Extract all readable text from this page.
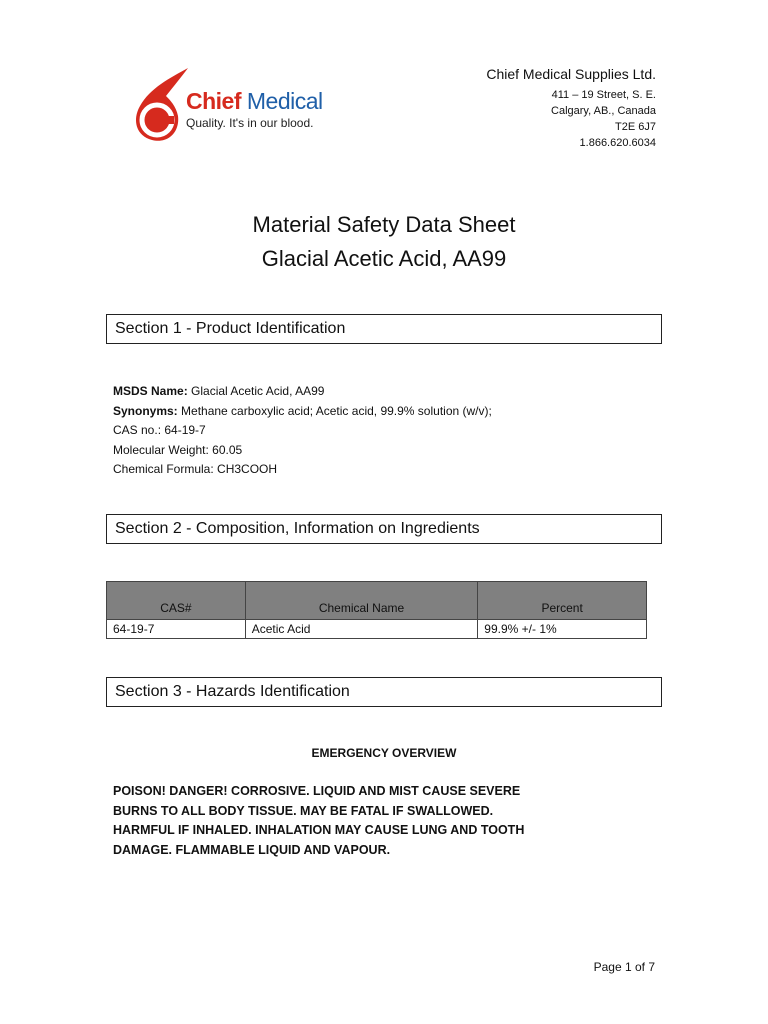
Chief Medical
Quality. It's in our blood.
Chief Medical Supplies Ltd.
411 – 19 Street, S. E.
Calgary, AB., Canada
T2E 6J7
1.866.620.6034
Material Safety Data Sheet
Glacial Acetic Acid, AA99
Section 1 - Product Identification
MSDS Name: Glacial Acetic Acid, AA99
Synonyms: Methane carboxylic acid; Acetic acid, 99.9% solution (w/v);
CAS no.: 64-19-7
Molecular Weight: 60.05
Chemical Formula: CH3COOH
Section 2 - Composition, Information on Ingredients
CAS#	Chemical Name	Percent
64-19-7	Acetic Acid	99.9% +/- 1%
Section 3 - Hazards Identification
EMERGENCY OVERVIEW
POISON! DANGER! CORROSIVE. LIQUID AND MIST CAUSE SEVERE BURNS TO ALL BODY TISSUE. MAY BE FATAL IF SWALLOWED. HARMFUL IF INHALED. INHALATION MAY CAUSE LUNG AND TOOTH DAMAGE. FLAMMABLE LIQUID AND VAPOUR.
Page 1 of 7
